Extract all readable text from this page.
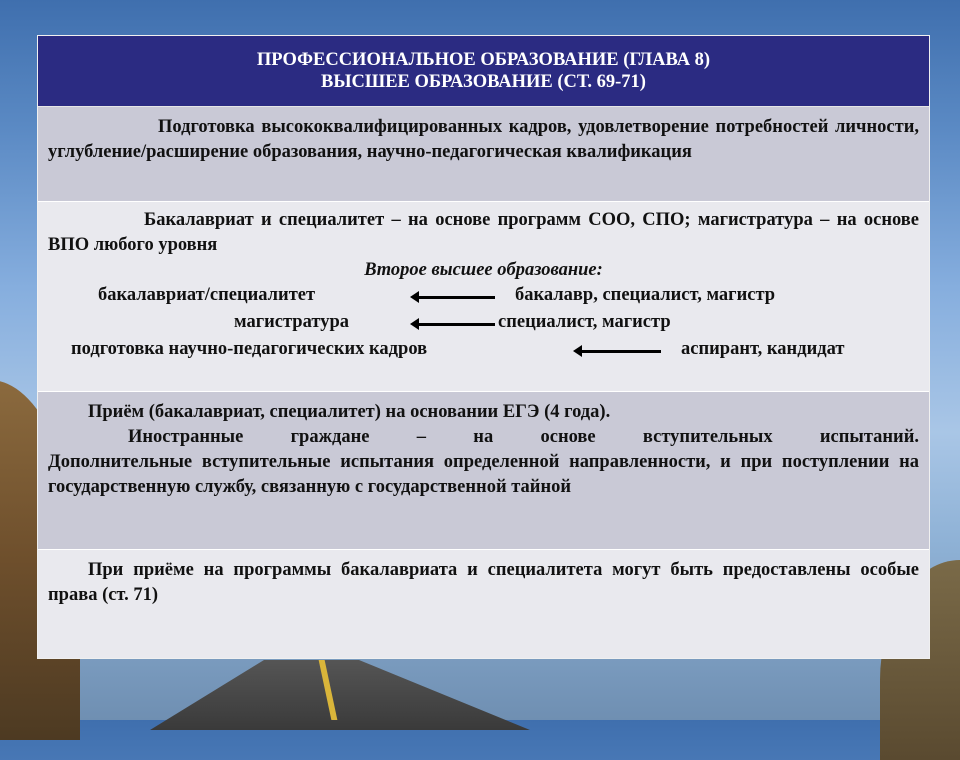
ПРОФЕССИОНАЛЬНОЕ ОБРАЗОВАНИЕ (ГЛАВА 8)
ВЫСШЕЕ ОБРАЗОВАНИЕ (СТ. 69-71)
Подготовка высококвалифицированных кадров, удовлетворение потребностей личности, углубление/расширение образования, научно-педагогическая квалификация
Бакалавриат и специалитет – на основе программ СОО, СПО; магистратура – на основе ВПО любого уровня
Второе высшее образование:
бакалавриат/специалитет	бакалавр, специалист, магистр
магистратура	специалист, магистр
подготовка научно-педагогических кадров	аспирант, кандидат
Приём (бакалавриат, специалитет) на основании ЕГЭ (4 года).
Иностранные граждане – на основе вступительных испытаний.
Дополнительные вступительные испытания определенной направленности, и при поступлении на государственную службу, связанную с государственной тайной
При приёме на программы бакалавриата и специалитета могут быть предоставлены особые права (ст. 71)
